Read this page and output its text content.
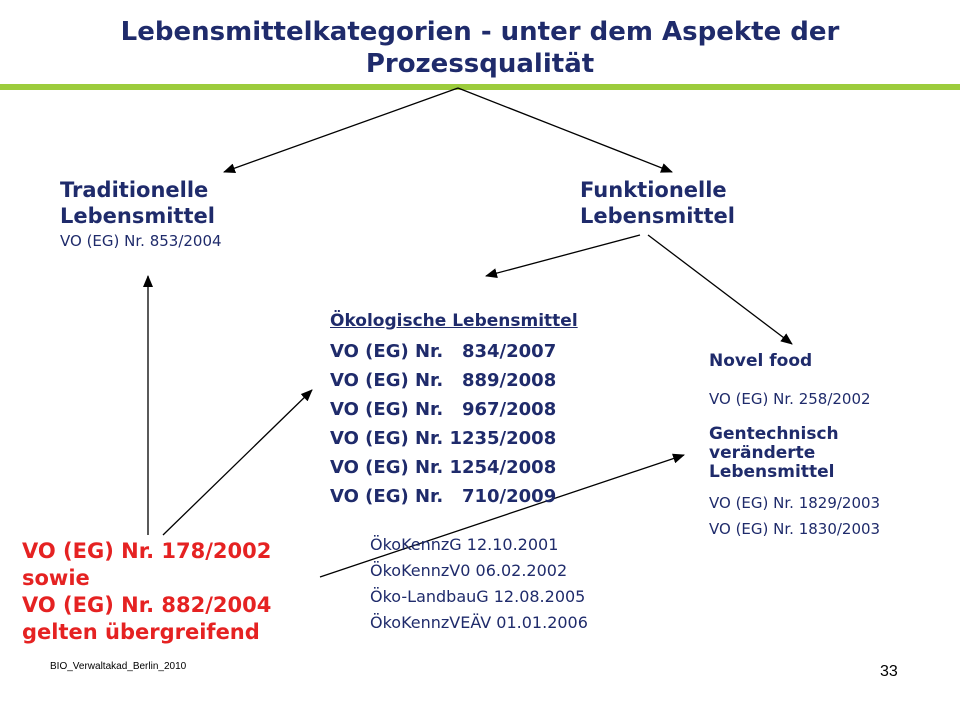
Lebensmittelkategorien - unter dem Aspekte der Prozessqualität
Traditionelle
Lebensmittel
VO (EG) Nr. 853/2004
Funktionelle
Lebensmittel
Ökologische Lebensmittel
VO (EG) Nr.   834/2007
VO (EG) Nr.   889/2008
VO (EG) Nr.   967/2008
VO (EG) Nr. 1235/2008
VO (EG) Nr. 1254/2008
VO (EG) Nr.   710/2009
ÖkoKennzG 12.10.2001
ÖkoKennzV0 06.02.2002
Öko-LandbauG 12.08.2005
ÖkoKennzVEÄV 01.01.2006
Novel food
VO (EG) Nr. 258/2002
Gentechnisch
veränderte
Lebensmittel
VO (EG) Nr. 1829/2003
VO (EG) Nr. 1830/2003
VO (EG) Nr. 178/2002
sowie
VO (EG) Nr. 882/2004
gelten übergreifend
BIO_Verwaltakad_Berlin_2010	33
